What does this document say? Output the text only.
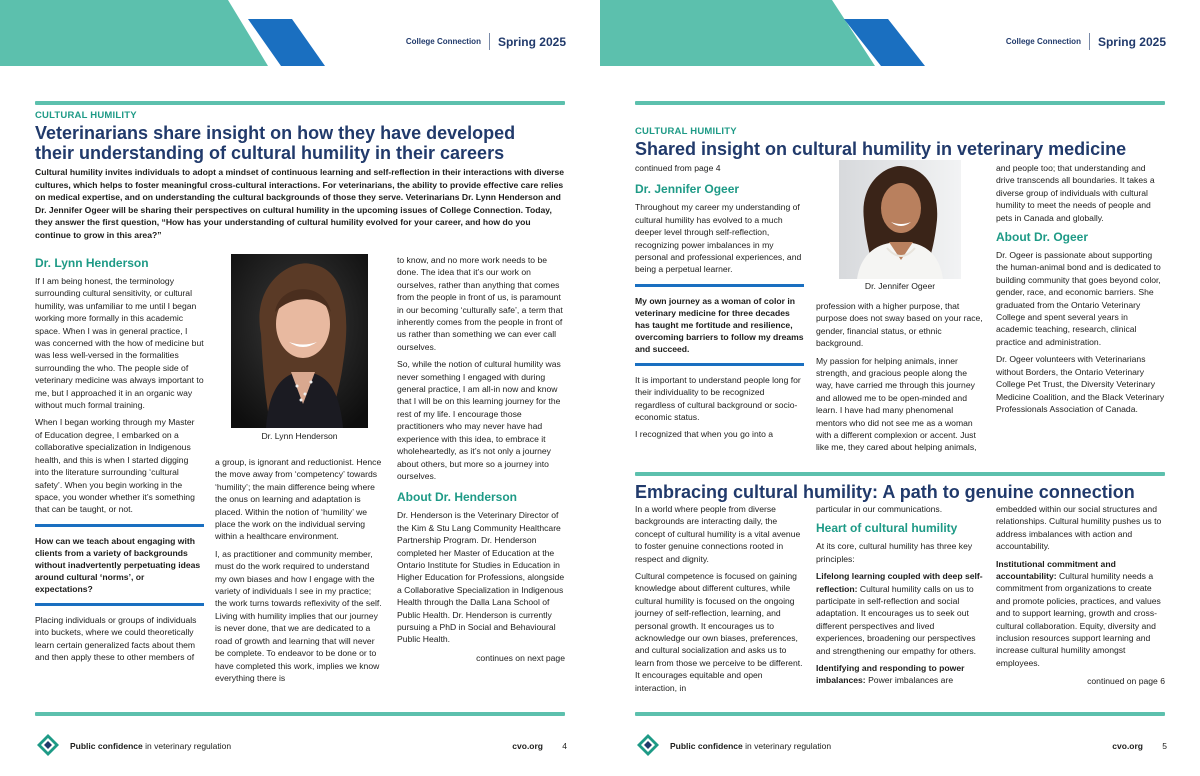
College Connection Spring 2025
CULTURAL HUMILITY
Veterinarians share insight on how they have developed
their understanding of cultural humility in their careers
Cultural humility invites individuals to adopt a mindset of continuous learning and self-reflection in their interactions with diverse cultures, which helps to foster meaningful cross-cultural interactions. For veterinarians, the ability to provide effective care relies on medical expertise, and on understanding the cultural backgrounds of those they serve. Veterinarians Dr. Lynn Henderson and Dr. Jennifer Ogeer will be sharing their perspectives on cultural humility in the upcoming issues of College Connection. Today, they answer the first question, “How has your understanding of cultural humility evolved for your career, and how do you continue to grow in this area?”
Dr. Lynn Henderson

If I am being honest, the terminology surrounding cultural sensitivity, or cultural humility, was unfamiliar to me until I began working more formally in this academic space. When I was in general practice, I was concerned with the how of medicine but was less well-versed in the formalities surrounding the who. The people side of veterinary medicine was always important to me, but I approached it in an organic way without much formal training.

When I began working through my Master of Education degree, I embarked on a collaborative specialization in Indigenous health, and this is when I started digging into the literature surrounding ‘cultural safety’. When you begin working in the space, you wonder whether it’s something that can be taught, or not.

How can we teach about engaging with clients from a variety of backgrounds without inadvertently perpetuating ideas around cultural ‘norms’, or expectations?

Placing individuals or groups of individuals into buckets, where we could theoretically learn certain generalized facts about them and then apply these to other members of

Dr. Lynn Henderson

a group, is ignorant and reductionist. Hence the move away from ‘competency’ towards ‘humility’; the main difference being where the onus on learning and adaptation is placed. Within the notion of ‘humility’ we place the work on the individual serving within a healthcare environment.

I, as practitioner and community member, must do the work required to understand my own biases and how I engage with the variety of individuals I see in my practice; the work turns towards reflexivity of the self. Living with humility implies that our journey is never done, that we are dedicated to a road of growth and learning that will never be complete. To endeavor to be done or to have completed this work, implies we know everything there is

to know, and no more work needs to be done. The idea that it’s our work on ourselves, rather than anything that comes from the people in front of us, is paramount in our becoming ‘culturally safe’, a term that inherently comes from the people in front of us rather than something we can ever call ourselves.

So, while the notion of cultural humility was never something I engaged with during general practice, I am all-in now and know that I will be on this learning journey for the rest of my life. I encourage those practitioners who may never have had experience with this idea, to embrace it wholeheartedly, as it’s not only a journey about others, but more so a journey into ourselves.

About Dr. Henderson

Dr. Henderson is the Veterinary Director of the Kim & Stu Lang Community Healthcare Partnership Program. Dr. Henderson completed her Master of Education at the Ontario Institute for Studies in Education in Higher Education for Professions, alongside a Collaborative Specialization in Indigenous Health through the Dalla Lana School of Public Health. Dr. Henderson is currently pursuing a PhD in Social and Behavioural Public Health.

continues on next page
Public confidence in veterinary regulation	cvo.org 4
College Connection Spring 2025
CULTURAL HUMILITY
Shared insight on cultural humility in veterinary medicine

continued from page 4

Dr. Jennifer Ogeer

Throughout my career my understanding of cultural humility has evolved to a much deeper level through self-reflection, recognizing power imbalances in my personal and professional experiences, and being a perpetual learner.

My own journey as a woman of color in veterinary medicine for three decades has taught me fortitude and resilience, overcoming barriers to follow my dreams and succeed.

It is important to understand people long for their individuality to be recognized regardless of cultural background or socio-economic status.

I recognized that when you go into a

Dr. Jennifer Ogeer

profession with a higher purpose, that purpose does not sway based on your race, gender, financial status, or ethnic background.

My passion for helping animals, inner strength, and gracious people along the way, have carried me through this journey and allowed me to be open-minded and learn. I have had many phenomenal mentors who did not see me as a woman with a different complexion or accent. Just like me, they cared about helping animals,

and people too; that understanding and drive transcends all boundaries. It takes a diverse group of individuals with cultural humility to meet the needs of people and pets in Canada and globally.

About Dr. Ogeer

Dr. Ogeer is passionate about supporting the human-animal bond and is dedicated to building community that goes beyond color, gender, race, and economic barriers. She graduated from the Ontario Veterinary College and spent several years in academic teaching, research, clinical practice and administration.

Dr. Ogeer volunteers with Veterinarians without Borders, the Ontario Veterinary College Pet Trust, the Diversity Veterinary Medicine Coalition, and the Black Veterinary Professionals Association of Canada.

Embracing cultural humility: A path to genuine connection

In a world where people from diverse backgrounds are interacting daily, the concept of cultural humility is a vital avenue to foster genuine connections rooted in respect and dignity.

Cultural competence is focused on gaining knowledge about different cultures, while cultural humility is focused on the ongoing journey of self-reflection, learning, and personal growth. It encourages us to acknowledge our own biases, preferences, and cultural socialization and asks us to learn from those we perceive to be different. It encourages equitable and open interaction, in

particular in our communications.

Heart of cultural humility

At its core, cultural humility has three key principles:

Lifelong learning coupled with deep self-reflection: Cultural humility calls on us to participate in self-reflection and social adaptation. It encourages us to seek out different perspectives and lived experiences, broadening our perspectives and strengthening our empathy for others.

Identifying and responding to power imbalances: Power imbalances are

embedded within our social structures and relationships. Cultural humility pushes us to address imbalances with action and accountability.

Institutional commitment and accountability: Cultural humility needs a commitment from organizations to create and promote policies, practices, and values and to support learning, growth and cross-cultural collaboration. Equity, diversity and inclusion resources support learning and increase cultural humility amongst employees.

continued on page 6
Public confidence in veterinary regulation	cvo.org 5
